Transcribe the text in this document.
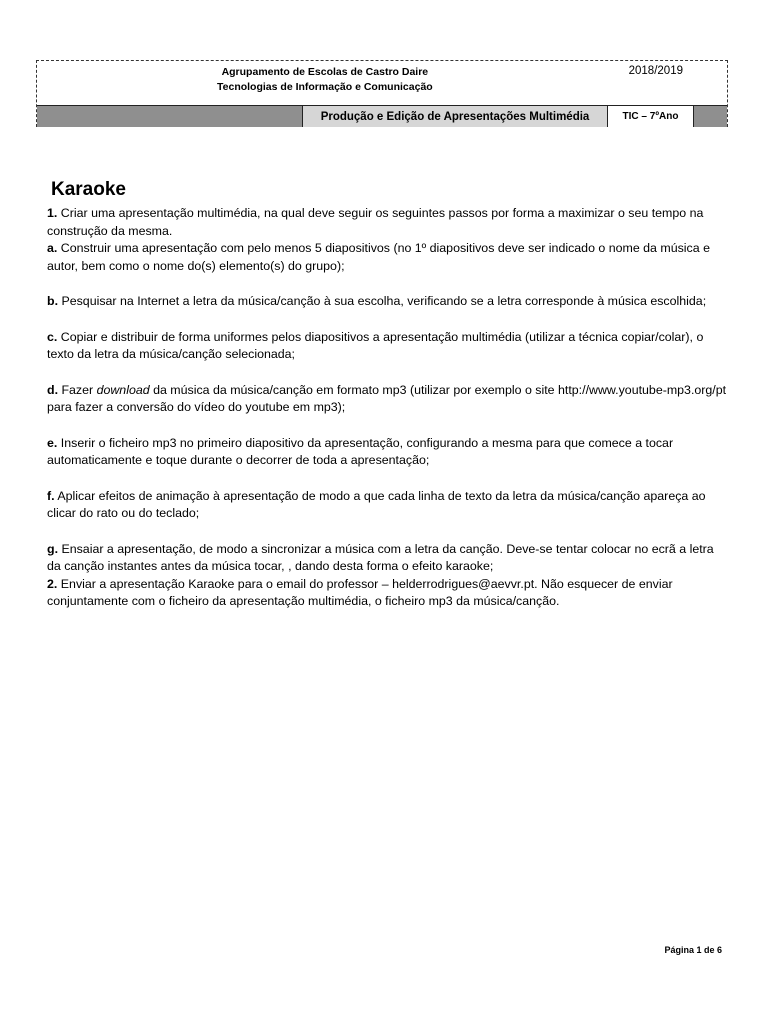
Agrupamento de Escolas de Castro Daire
Tecnologias de Informação e Comunicação
2018/2019
Produção e Edição de Apresentações Multimédia	TIC – 7ºAno
Karaoke

1. Criar uma apresentação multimédia, na qual deve seguir os seguintes passos por forma a maximizar o seu tempo na construção da mesma.

a. Construir uma apresentação com pelo menos 5 diapositivos (no 1º diapositivos deve ser indicado o nome da música e autor, bem como o nome do(s) elemento(s) do grupo);

b. Pesquisar na Internet a letra da música/canção à sua escolha, verificando se a letra corresponde à música escolhida;

c. Copiar e distribuir de forma uniformes pelos diapositivos a apresentação multimédia (utilizar a técnica copiar/colar), o texto da letra da música/canção selecionada;

d. Fazer download da música da música/canção em formato mp3 (utilizar por exemplo o site http://www.youtube-mp3.org/pt para fazer a conversão do vídeo do youtube em mp3);

e. Inserir o ficheiro mp3 no primeiro diapositivo da apresentação, configurando a mesma para que comece a tocar automaticamente e toque durante o decorrer de toda a apresentação;

f. Aplicar efeitos de animação à apresentação de modo a que cada linha de texto da letra da música/canção apareça ao clicar do rato ou do teclado;

g. Ensaiar a apresentação, de modo a sincronizar a música com a letra da canção. Deve-se tentar colocar no ecrã a letra da canção instantes antes da música tocar, , dando desta forma o efeito karaoke;

2. Enviar a apresentação Karaoke para o email do professor – helderrodrigues@aevvr.pt. Não esquecer de enviar conjuntamente com o ficheiro da apresentação multimédia, o ficheiro mp3 da música/canção.

Página 1 de 6
